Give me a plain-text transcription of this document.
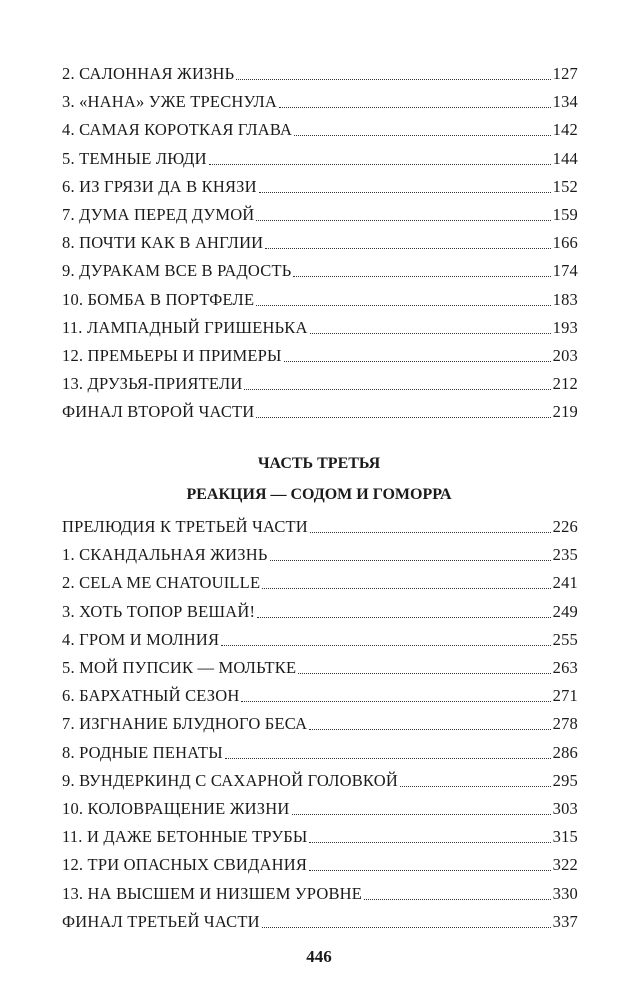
2. САЛОННАЯ ЖИЗНЬ	127
3. «НАНА» УЖЕ ТРЕСНУЛА	134
4. САМАЯ КОРОТКАЯ ГЛАВА	142
5. ТЕМНЫЕ ЛЮДИ	144
6. ИЗ ГРЯЗИ ДА В КНЯЗИ	152
7. ДУМА ПЕРЕД ДУМОЙ	159
8. ПОЧТИ КАК В АНГЛИИ	166
9. ДУРАКАМ ВСЕ В РАДОСТЬ	174
10. БОМБА В ПОРТФЕЛЕ	183
11. ЛАМПАДНЫЙ ГРИШЕНЬКА	193
12. ПРЕМЬЕРЫ И ПРИМЕРЫ	203
13. ДРУЗЬЯ-ПРИЯТЕЛИ	212
ФИНАЛ ВТОРОЙ ЧАСТИ	219
ЧАСТЬ ТРЕТЬЯ
РЕАКЦИЯ — СОДОМ И ГОМОРРА
ПРЕЛЮДИЯ К ТРЕТЬЕЙ ЧАСТИ	226
1. СКАНДАЛЬНАЯ ЖИЗНЬ	235
2. CELA ME CHATOUILLE	241
3. ХОТЬ ТОПОР ВЕШАЙ!	249
4. ГРОМ И МОЛНИЯ	255
5. МОЙ ПУПСИК — МОЛЬТКЕ	263
6. БАРХАТНЫЙ СЕЗОН	271
7. ИЗГНАНИЕ БЛУДНОГО БЕСА	278
8. РОДНЫЕ ПЕНАТЫ	286
9. ВУНДЕРКИНД С САХАРНОЙ ГОЛОВКОЙ	295
10. КОЛОВРАЩЕНИЕ ЖИЗНИ	303
11. И ДАЖЕ БЕТОННЫЕ ТРУБЫ	315
12. ТРИ ОПАСНЫХ СВИДАНИЯ	322
13. НА ВЫСШЕМ И НИЗШЕМ УРОВНЕ	330
ФИНАЛ ТРЕТЬЕЙ ЧАСТИ	337
446
